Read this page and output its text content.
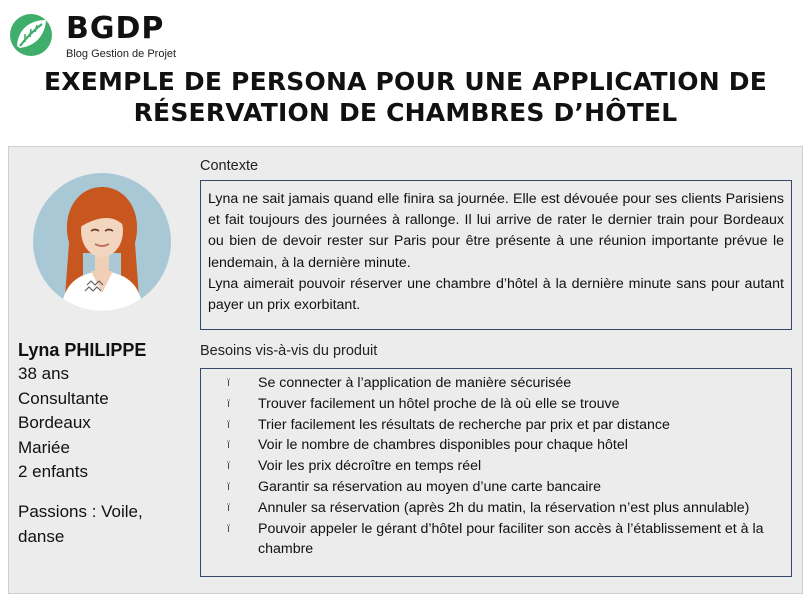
BGDP
Blog Gestion de Projet
EXEMPLE DE PERSONA POUR UNE APPLICATION DE
RÉSERVATION DE CHAMBRES D’HÔTEL
Lyna PHILIPPE
38 ans
Consultante
Bordeaux
Mariée
2 enfants
Passions : Voile, danse
Contexte
Lyna ne sait jamais quand elle finira sa journée. Elle est dévouée pour ses clients Parisiens et fait toujours des journées à rallonge. Il lui arrive de rater le dernier train pour Bordeaux ou bien de devoir rester sur Paris pour être présente à une réunion importante prévue le lendemain, à la dernière minute.
Lyna aimerait pouvoir réserver une chambre d’hôtel à la dernière minute sans pour autant payer un prix exorbitant.
Besoins vis-à-vis du produit
ï Se connecter à l’application de manière sécurisée
ï Trouver facilement un hôtel proche de là où elle se trouve
ï Trier facilement les résultats de recherche par prix et par distance
ï Voir le nombre de chambres disponibles pour chaque hôtel
ï Voir les prix décroître en temps réel
ï Garantir sa réservation au moyen d’une carte bancaire
ï Annuler sa réservation (après 2h du matin, la réservation n’est plus annulable)
ï Pouvoir appeler le gérant d’hôtel pour faciliter son accès à l’établissement et à la chambre
